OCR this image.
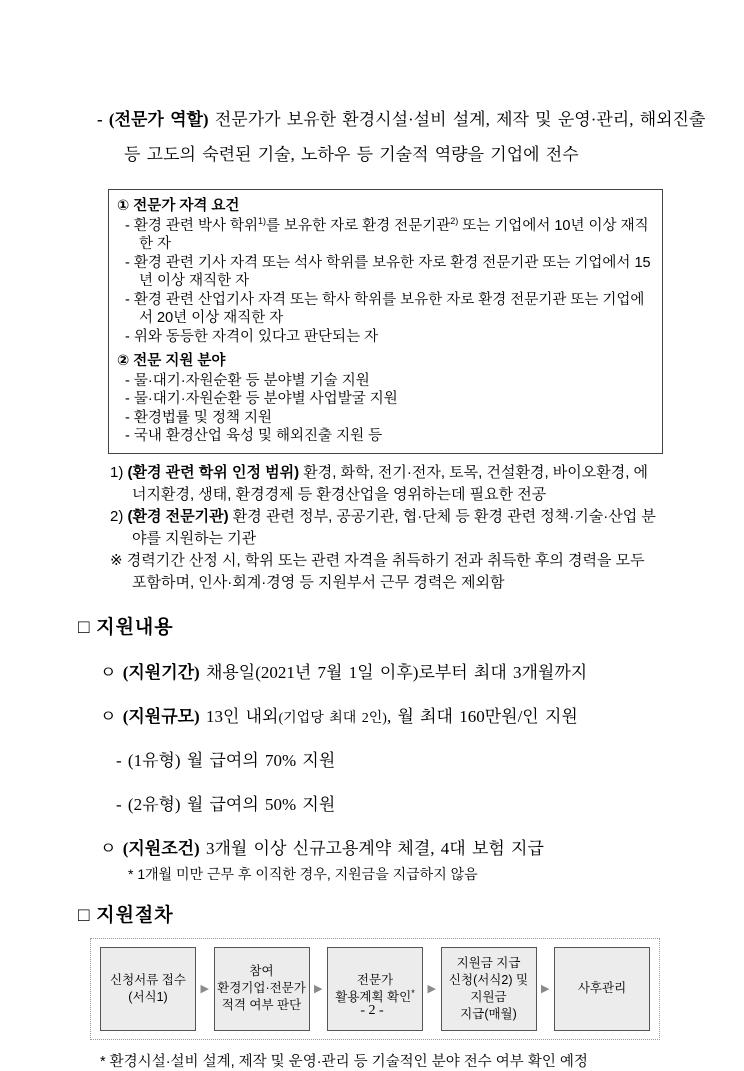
- (전문가 역할) 전문가가 보유한 환경시설·설비 설계, 제작 및 운영·관리, 해외진출 등 고도의 숙련된 기술, 노하우 등 기술적 역량을 기업에 전수

① 전문가 자격 요건

- 환경 관련 박사 학위$^{1)}$를 보유한 자로 환경 전문기관$^{2)}$ 또는 기업에서 10년 이상 재직한 자

- 환경 관련 기사 자격 또는 석사 학위를 보유한 자로 환경 전문기관 또는 기업에서 15년 이상 재직한 자

- 환경 관련 산업기사 자격 또는 학사 학위를 보유한 자로 환경 전문기관 또는 기업에서 20년 이상 재직한 자

- 위와 동등한 자격이 있다고 판단되는 자

② 전문 지원 분야

- 물·대기·자원순환 등 분야별 기술 지원

- 물·대기·자원순환 등 분야별 사업발굴 지원

- 환경법률 및 정책 지원

- 국내 환경산업 육성 및 해외진출 지원 등

1) (환경 관련 학위 인정 범위) 환경, 화학, 전기·전자, 토목, 건설환경, 바이오환경, 에너지환경, 생태, 환경경제 등 환경산업을 영위하는데 필요한 전공

2) (환경 전문기관) 환경 관련 정부, 공공기관, 협·단체 등 환경 관련 정책·기술·산업 분야를 지원하는 기관

※ 경력기간 산정 시, 학위 또는 관련 자격을 취득하기 전과 취득한 후의 경력을 모두 포함하며, 인사·회계·경영 등 지원부서 근무 경력은 제외함

□ 지원내용

ㅇ (지원기간) 채용일(2021년 7월 1일 이후)로부터 최대 3개월까지

ㅇ (지원규모) 13인 내외(기업당 최대 2인), 월 최대 160만원/인 지원

- (1유형) 월 급여의 70% 지원

- (2유형) 월 급여의 50% 지원

ㅇ (지원조건) 3개월 이상 신규고용계약 체결, 4대 보험 지급

* 1개월 미만 근무 후 이직한 경우, 지원금을 지급하지 않음

□ 지원절차
신청서류 접수
(서식1)
▶
참여
환경기업·전문가
적격 여부 판단
▶
전문가
활용계획 확인* ▶
지원금 지급
신청(서식2) 및
지원금
지급(매월)
▶ 사후관리

* 환경시설·설비 설계, 제작 및 운영·관리 등 기술적인 분야 전수 여부 확인 예정

- 2 -
